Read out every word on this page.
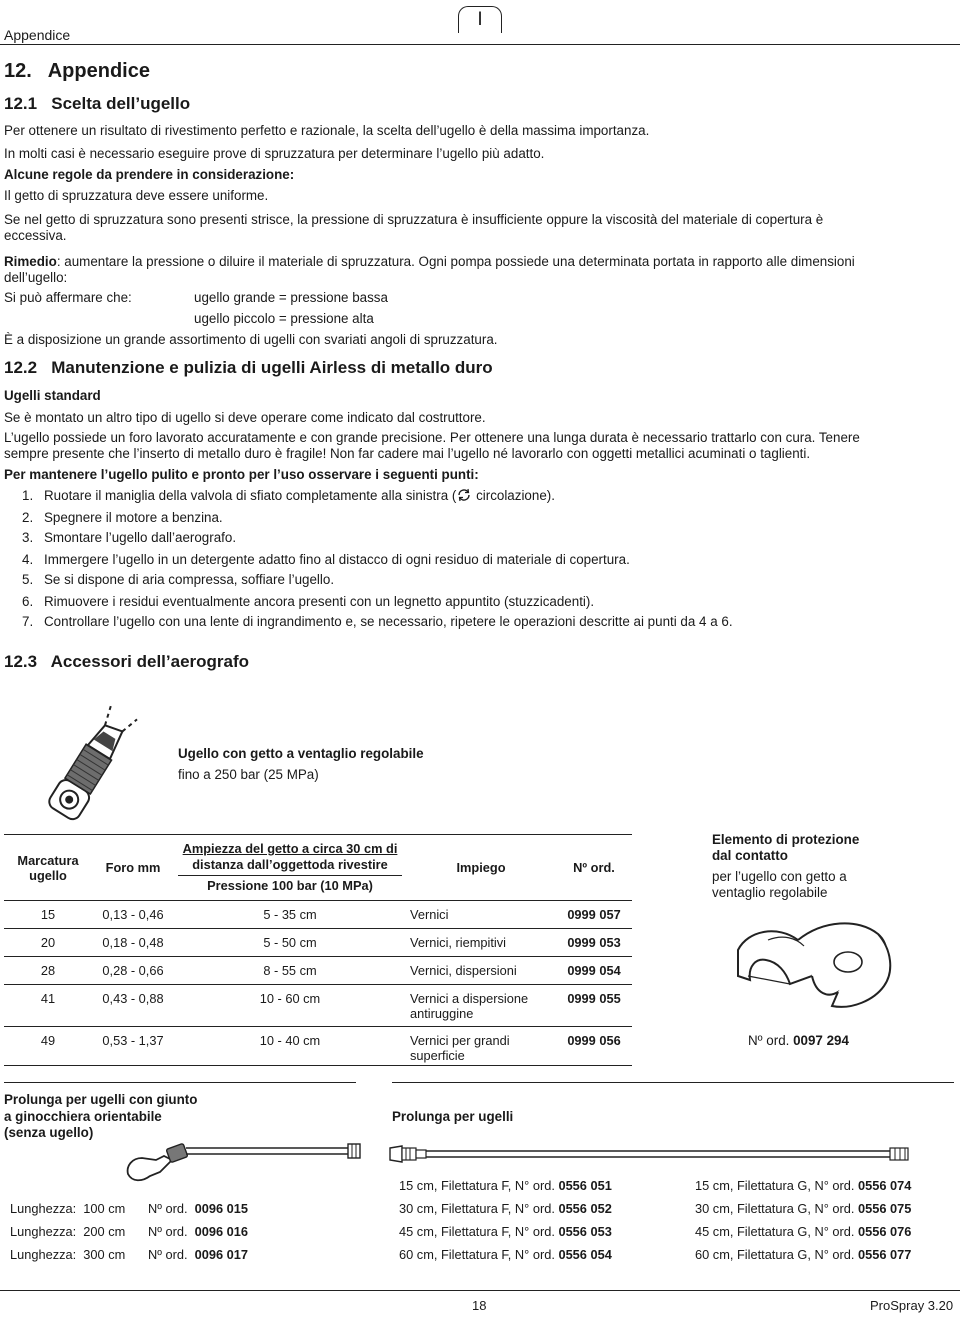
Appendice
I
12.   Appendice
12.1   Scelta dell’ugello
Per ottenere un risultato di rivestimento perfetto e razionale, la scelta dell’ugello è della massima importanza.
In molti casi è necessario eseguire prove di spruzzatura per determinare l’ugello più adatto.
Alcune regole da prendere in considerazione:
Il getto di spruzzatura deve essere uniforme.
Se nel getto di spruzzatura sono presenti strisce, la pressione di spruzzatura è insufficiente oppure la viscosità del materiale di copertura è
eccessiva.
Rimedio: aumentare la pressione o diluire il materiale di spruzzatura. Ogni pompa possiede una determinata portata in rapporto alle dimensioni
dell’ugello:
Si può affermare che:	ugello grande = pressione bassa
ugello piccolo = pressione alta
È a disposizione un grande assortimento di ugelli con svariati angoli di spruzzatura.
12.2   Manutenzione e pulizia di ugelli Airless di metallo duro
Ugelli standard
Se è montato un altro tipo di ugello si deve operare come indicato dal costruttore.
L’ugello possiede un foro lavorato accuratamente e con grande precisione. Per ottenere una lunga durata è necessario trattarlo con cura. Tenere
sempre presente che l’inserto di metallo duro è fragile! Non far cadere mai l’ugello né lavorarlo con oggetti metallici acuminati o taglienti.
Per mantenere l’ugello pulito e pronto per l’uso osservare i seguenti punti:
1. Ruotare il maniglia della valvola di sfiato completamente alla sinistra ( circolazione).
2. Spegnere il motore a benzina.
3. Smontare l’ugello dall’aerografo.
4. Immergere l’ugello in un detergente adatto fino al distacco di ogni residuo di materiale di copertura.
5. Se si dispone di aria compressa, soffiare l’ugello.
6. Rimuovere i residui eventualmente ancora presenti con un legnetto appuntito (stuzzicadenti).
7. Controllare l’ugello con una lente di ingrandimento e, se necessario, ripetere le operazioni descritte ai punti da 4 a 6.
12.3   Accessori dell’aerografo
Ugello con getto a ventaglio regolabile
fino a 250 bar (25 MPa)
Marcatura ugello	Foro mm	Ampiezza del getto a circa 30 cm di
distanza dall’oggettoda rivestire
Pressione 100 bar (10 MPa)	Impiego	Nº ord.
15	0,13 - 0,46	5 - 35 cm	Vernici	0999 057
20	0,18 - 0,48	5 - 50 cm	Vernici, riempitivi	0999 053
28	0,28 - 0,66	8 - 55 cm	Vernici, dispersioni	0999 054
41	0,43 - 0,88	10 - 60 cm	Vernici a dispersione antiruggine	0999 055
49	0,53 - 1,37	10 - 40 cm	Vernici per grandi superficie	0999 056
Elemento di protezione
dal contatto
per l’ugello con getto a
ventaglio regolabile
Nº ord. 0097 294
Prolunga per ugelli con giunto
a ginocchiera orientabile
(senza ugello)
Lunghezza: 100 cm Nº ord. 0096 015
Lunghezza: 200 cm Nº ord. 0096 016
Lunghezza: 300 cm Nº ord. 0096 017
Prolunga per ugelli
15 cm, Filettatura F, N° ord. 0556 051
30 cm, Filettatura F, N° ord. 0556 052
45 cm, Filettatura F, N° ord. 0556 053
60 cm, Filettatura F, N° ord. 0556 054
15 cm, Filettatura G, N° ord. 0556 074
30 cm, Filettatura G, N° ord. 0556 075
45 cm, Filettatura G, N° ord. 0556 076
60 cm, Filettatura G, N° ord. 0556 077
18	ProSpray 3.20
